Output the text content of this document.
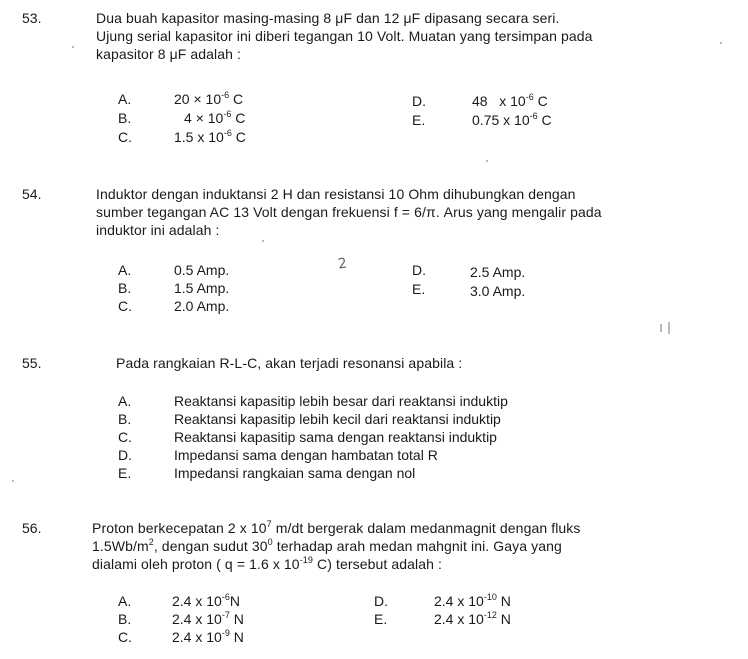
53.	Dua buah kapasitor masing-masing 8 μF dan 12 μF dipasang secara seri.
Ujung serial kapasitor ini diberi tegangan 10 Volt. Muatan yang tersimpan pada
kapasitor 8 μF adalah :
A.	$20 \times 10^{-6}$ C
B.	$4 \times 10^{-6}$ C
C.	1.5 x $10^{-6}$ C
D.	48 x $10^{-6}$ C
E.	0.75 x $10^{-6}$ C
54.	Induktor dengan induktansi 2 H dan resistansi 10 Ohm dihubungkan dengan
sumber tegangan AC 13 Volt dengan frekuensi f = 6/π. Arus yang mengalir pada
induktor ini adalah :
A.	0.5 Amp.
B.	1.5 Amp.
C.	2.0 Amp.
D.	2.5 Amp.
E.	3.0 Amp.
2
55.	Pada rangkaian R-L-C, akan terjadi resonansi apabila :
A.	Reaktansi kapasitip lebih besar dari reaktansi induktip
B.	Reaktansi kapasitip lebih kecil dari reaktansi induktip
C.	Reaktansi kapasitip sama dengan reaktansi induktip
D.	Impedansi sama dengan hambatan total R
E.	Impedansi rangkaian sama dengan nol
56.	Proton berkecepatan 2 x $10^7$ m/dt bergerak dalam medanmagnit dengan fluks
$1.5Wb/m^2$, dengan sudut $30^0$ terhadap arah medan mahgnit ini. Gaya yang
dialami oleh proton ( q = 1.6 x $10^{-19}$ C) tersebut adalah :
A.	2.4 x $10^{-6}N$
B.	2.4 x $10^{-7}$ N
C.	2.4 x $10^{-9}$ N
D.	2.4 x $10^{-10}$ N
E.	2.4 x $10^{-12}$ N
